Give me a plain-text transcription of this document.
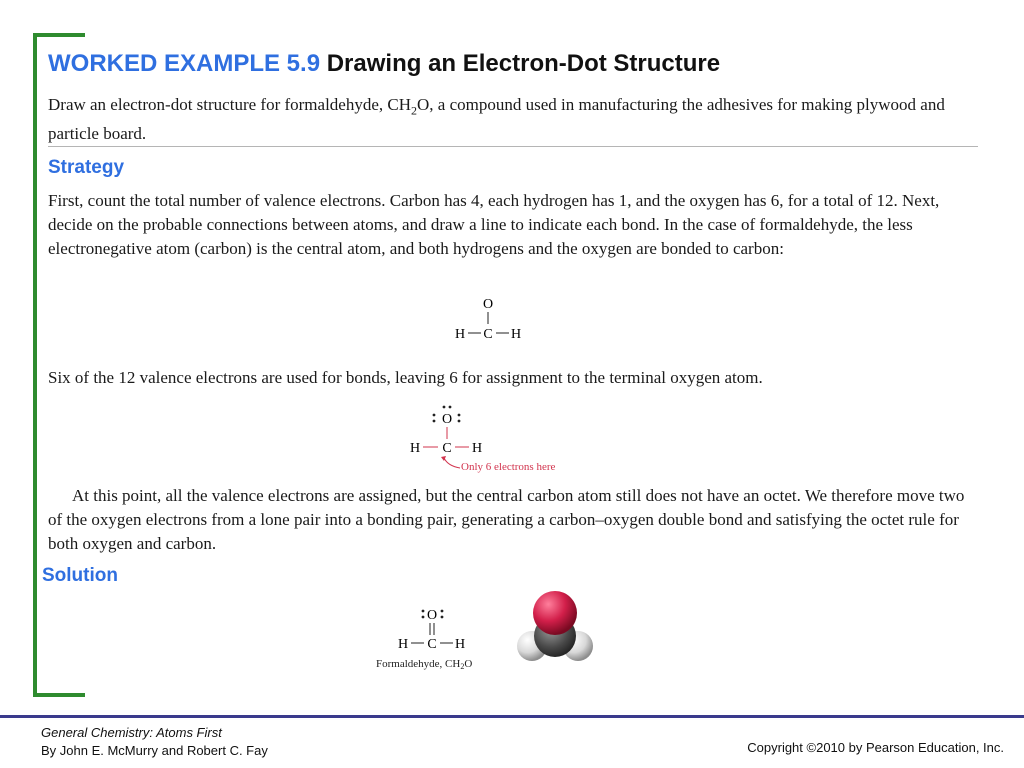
WORKED EXAMPLE 5.9 Drawing an Electron-Dot Structure
Draw an electron-dot structure for formaldehyde, $CH_2O$, a compound used in manufacturing the adhesives for making plywood and particle board.
Strategy
First, count the total number of valence electrons. Carbon has 4, each hydrogen has 1, and the oxygen has 6, for a total of 12. Next, decide on the probable connections between atoms, and draw a line to indicate each bond. In the case of formaldehyde, the less electronegative atom (carbon) is the central atom, and both hydrogens and the oxygen are bonded to carbon:
O
H C H
Six of the 12 valence electrons are used for bonds, leaving 6 for assignment to the terminal oxygen atom.
O
H C H
Only 6 electrons here
At this point, all the valence electrons are assigned, but the central carbon atom still does not have an octet. We therefore move two of the oxygen electrons from a lone pair into a bonding pair, generating a carbon–oxygen double bond and satisfying the octet rule for both oxygen and carbon.
Solution
O
H C H
Formaldehyde, CH2O
General Chemistry: Atoms First
By John E. McMurry and Robert C. Fay	Copyright ©2010 by Pearson Education, Inc.
